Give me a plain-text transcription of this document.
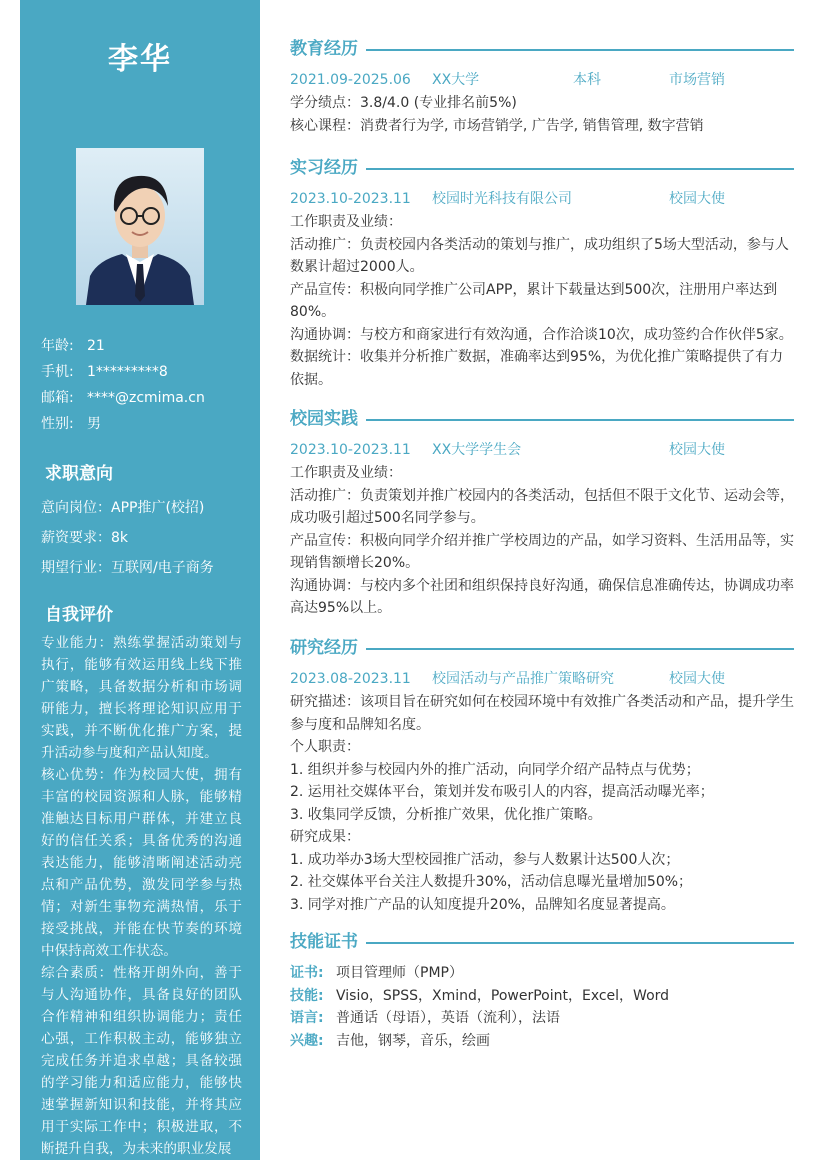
李华
年龄: 21
手机: 1*********8
邮箱: ****@zcmima.cn
性别: 男
求职意向
意向岗位：APP推广(校招)
薪资要求：8k
期望行业：互联网/电子商务
自我评价

专业能力：熟练掌握活动策划与执行，能够有效运用线上线下推广策略，具备数据分析和市场调研能力，擅长将理论知识应用于实践，并不断优化推广方案，提升活动参与度和产品认知度。

核心优势：作为校园大使，拥有丰富的校园资源和人脉，能够精准触达目标用户群体，并建立良好的信任关系；具备优秀的沟通表达能力，能够清晰阐述活动亮点和产品优势，激发同学参与热情；对新生事物充满热情，乐于接受挑战，并能在快节奏的环境中保持高效工作状态。

综合素质：性格开朗外向，善于与人沟通协作，具备良好的团队合作精神和组织协调能力；责任心强，工作积极主动，能够独立完成任务并追求卓越；具备较强的学习能力和适应能力，能够快速掌握新知识和技能，并将其应用于实际工作中；积极进取，不断提升自我，为未来的职业发展

教育经历
2021.09-2025.06 XX大学	本科	市场营销

学分绩点：3.8/4.0 (专业排名前5%)

核心课程：消费者行为学, 市场营销学, 广告学, 销售管理, 数字营销

实习经历
2023.10-2023.11 校园时光科技有限公司	校园大使

工作职责及业绩：

活动推广：负责校园内各类活动的策划与推广，成功组织了5场大型活动，参与人数累计超过2000人。

产品宣传：积极向同学推广公司APP，累计下载量达到500次，注册用户率达到80%。

沟通协调：与校方和商家进行有效沟通，合作洽谈10次，成功签约合作伙伴5家。

数据统计：收集并分析推广数据，准确率达到95%，为优化推广策略提供了有力依据。

校园实践
2023.10-2023.11 XX大学学生会	校园大使

工作职责及业绩：

活动推广：负责策划并推广校园内的各类活动，包括但不限于文化节、运动会等，成功吸引超过500名同学参与。

产品宣传：积极向同学介绍并推广学校周边的产品，如学习资料、生活用品等，实现销售额增长20%。

沟通协调：与校内多个社团和组织保持良好沟通，确保信息准确传达，协调成功率高达95%以上。

研究经历
2023.08-2023.11 校园活动与产品推广策略研究	校园大使

研究描述：该项目旨在研究如何在校园环境中有效推广各类活动和产品，提升学生参与度和品牌知名度。

个人职责：

1. 组织并参与校园内外的推广活动，向同学介绍产品特点与优势；

2. 运用社交媒体平台，策划并发布吸引人的内容，提高活动曝光率；

3. 收集同学反馈，分析推广效果，优化推广策略。

研究成果：

1. 成功举办3场大型校园推广活动，参与人数累计达500人次；

2. 社交媒体平台关注人数提升30%，活动信息曝光量增加50%；

3. 同学对推广产品的认知度提升20%，品牌知名度显著提高。

技能证书
证书: 项目管理师（PMP）
技能: Visio，SPSS，Xmind，PowerPoint，Excel，Word
语言: 普通话（母语），英语（流利），法语
兴趣: 吉他，钢琴，音乐，绘画
